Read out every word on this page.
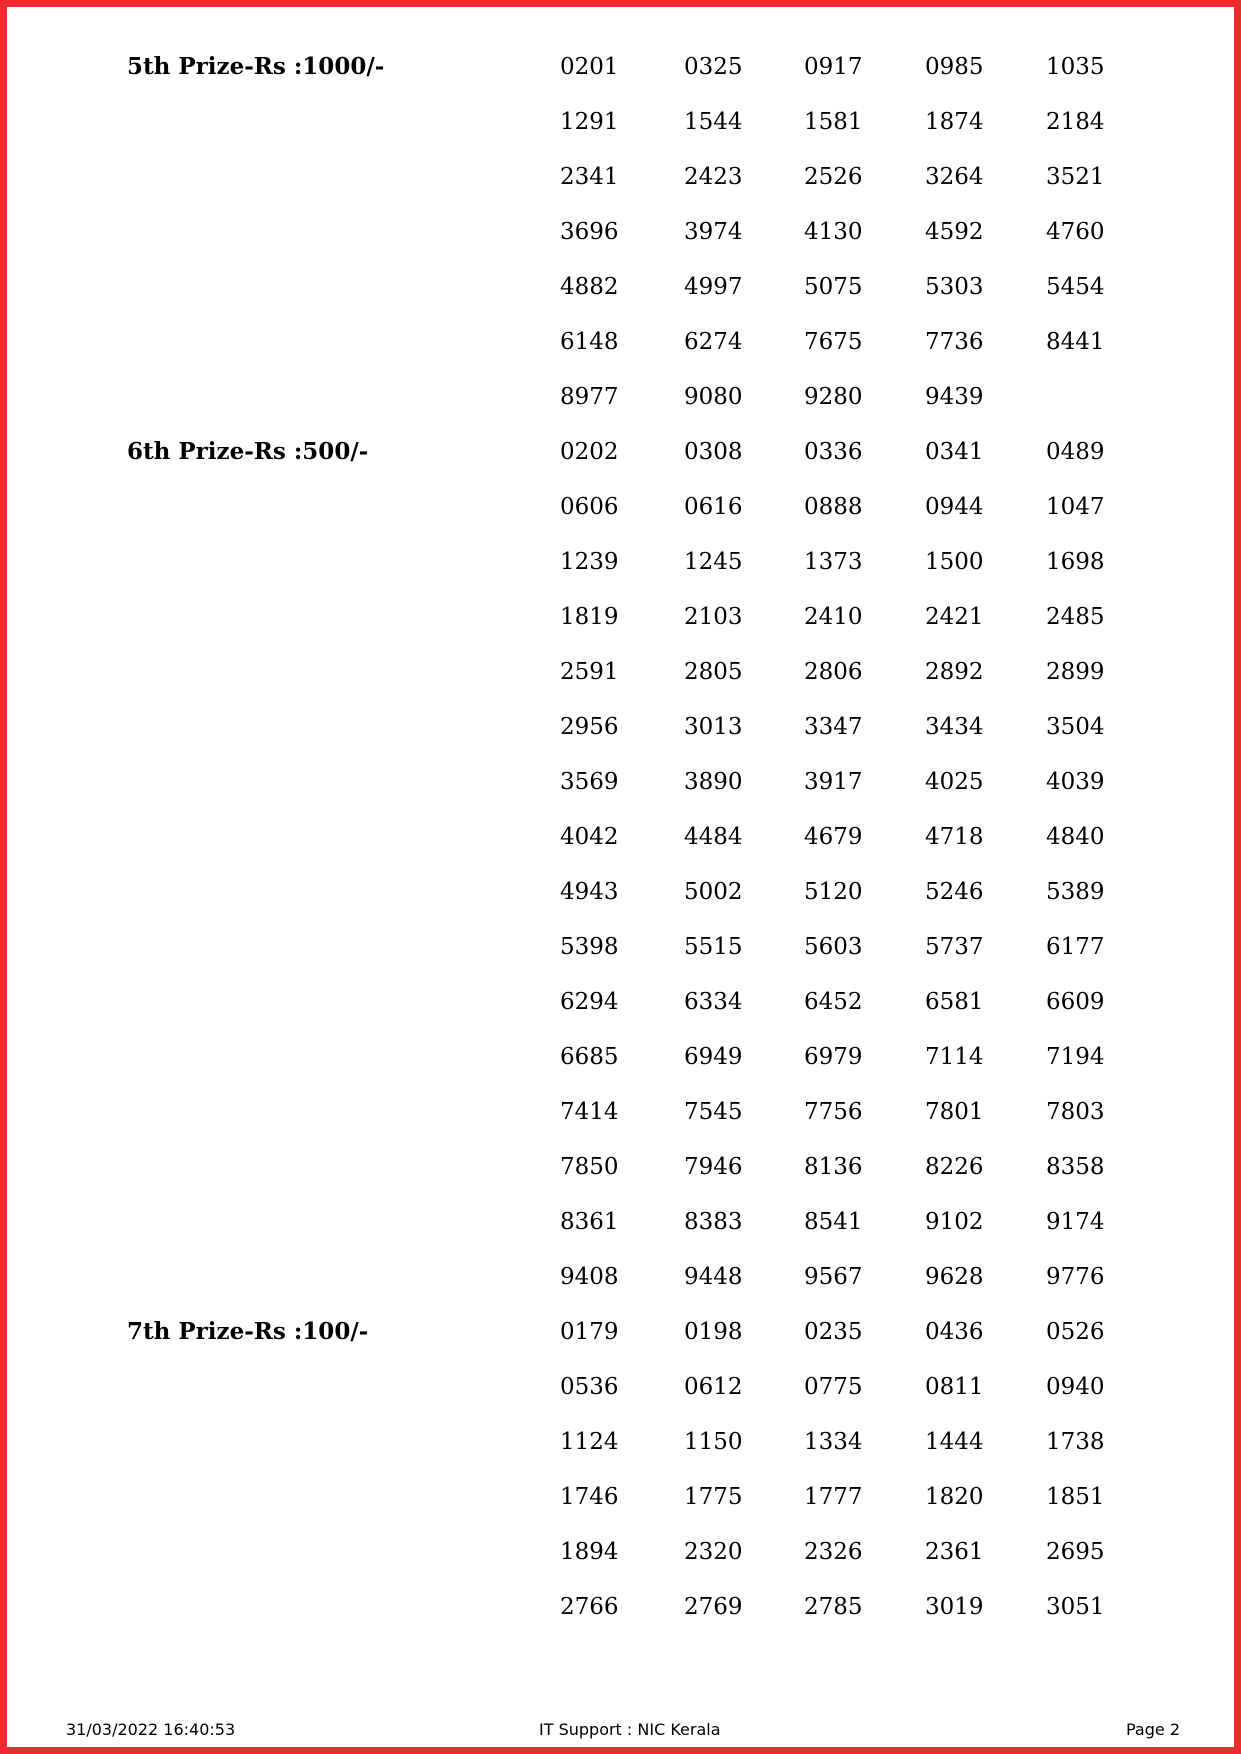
5th Prize-Rs :1000/-	0201	0325	0917	0985	1035
1291	1544	1581	1874	2184
2341	2423	2526	3264	3521
3696	3974	4130	4592	4760
4882	4997	5075	5303	5454
6148	6274	7675	7736	8441
8977	9080	9280	9439
6th Prize-Rs :500/-	0202	0308	0336	0341	0489
0606	0616	0888	0944	1047
1239	1245	1373	1500	1698
1819	2103	2410	2421	2485
2591	2805	2806	2892	2899
2956	3013	3347	3434	3504
3569	3890	3917	4025	4039
4042	4484	4679	4718	4840
4943	5002	5120	5246	5389
5398	5515	5603	5737	6177
6294	6334	6452	6581	6609
6685	6949	6979	7114	7194
7414	7545	7756	7801	7803
7850	7946	8136	8226	8358
8361	8383	8541	9102	9174
9408	9448	9567	9628	9776
7th Prize-Rs :100/-	0179	0198	0235	0436	0526
0536	0612	0775	0811	0940
1124	1150	1334	1444	1738
1746	1775	1777	1820	1851
1894	2320	2326	2361	2695
2766	2769	2785	3019	3051
31/03/2022 16:40:53	IT Support : NIC Kerala	Page 2
